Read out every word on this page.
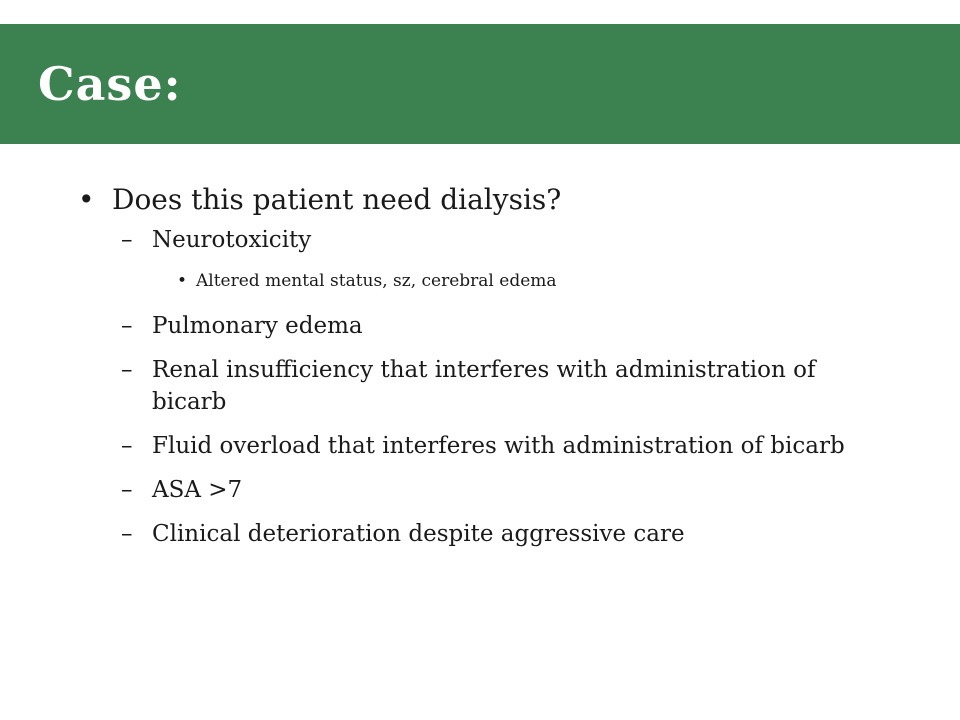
Case:
• Does this patient need dialysis?
– Neurotoxicity
• Altered mental status, sz, cerebral edema
– Pulmonary edema
– Renal insufficiency that interferes with administration of bicarb
– Fluid overload that interferes with administration of bicarb
– ASA >7
– Clinical deterioration despite aggressive care
